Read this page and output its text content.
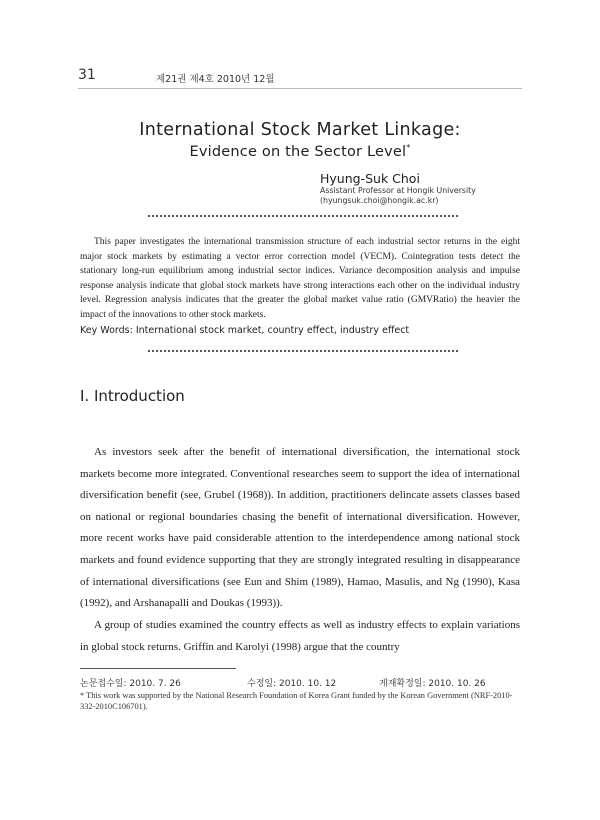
31	제21권 제4호 2010년 12월
International Stock Market Linkage:
Evidence on the Sector Level*
Hyung-Suk Choi
Assistant Professor at Hongik University
(hyungsuk.choi@hongik.ac.kr)

This paper investigates the international transmission structure of each industrial sector returns in the eight major stock markets by estimating a vector error correction model (VECM). Cointegration tests detect the stationary long-run equilibrium among industrial sector indices. Variance decomposition analysis and impulse response analysis indicate that global stock markets have strong interactions each other on the individual industry level. Regression analysis indicates that the greater the global market value ratio (GMVRatio) the heavier the impact of the innovations to other stock markets.

Key Words: International stock market, country effect, industry effect
Ⅰ. Introduction

As investors seek after the benefit of international diversification, the international stock markets become more integrated. Conventional researches seem to support the idea of international diversification benefit (see, Grubel (1968)). In addition, practitioners delincate assets classes based on national or regional boundaries chasing the benefit of international diversification. However, more recent works have paid considerable attention to the interdependence among national stock markets and found evidence supporting that they are strongly integrated resulting in disappearance of international diversifications (see Eun and Shim (1989), Hamao, Masulis, and Ng (1990), Kasa (1992), and Arshanapalli and Doukas (1993)).

A group of studies examined the country effects as well as industry effects to explain variations in global stock returns. Griffin and Karolyi (1998) argue that the country

논문접수일: 2010. 7. 26	수정일: 2010. 10. 12	게재확정일: 2010. 10. 26

* This work was supported by the National Research Foundation of Korea Grant funded by the Korean Government (NRF-2010-332-2010C106701).
